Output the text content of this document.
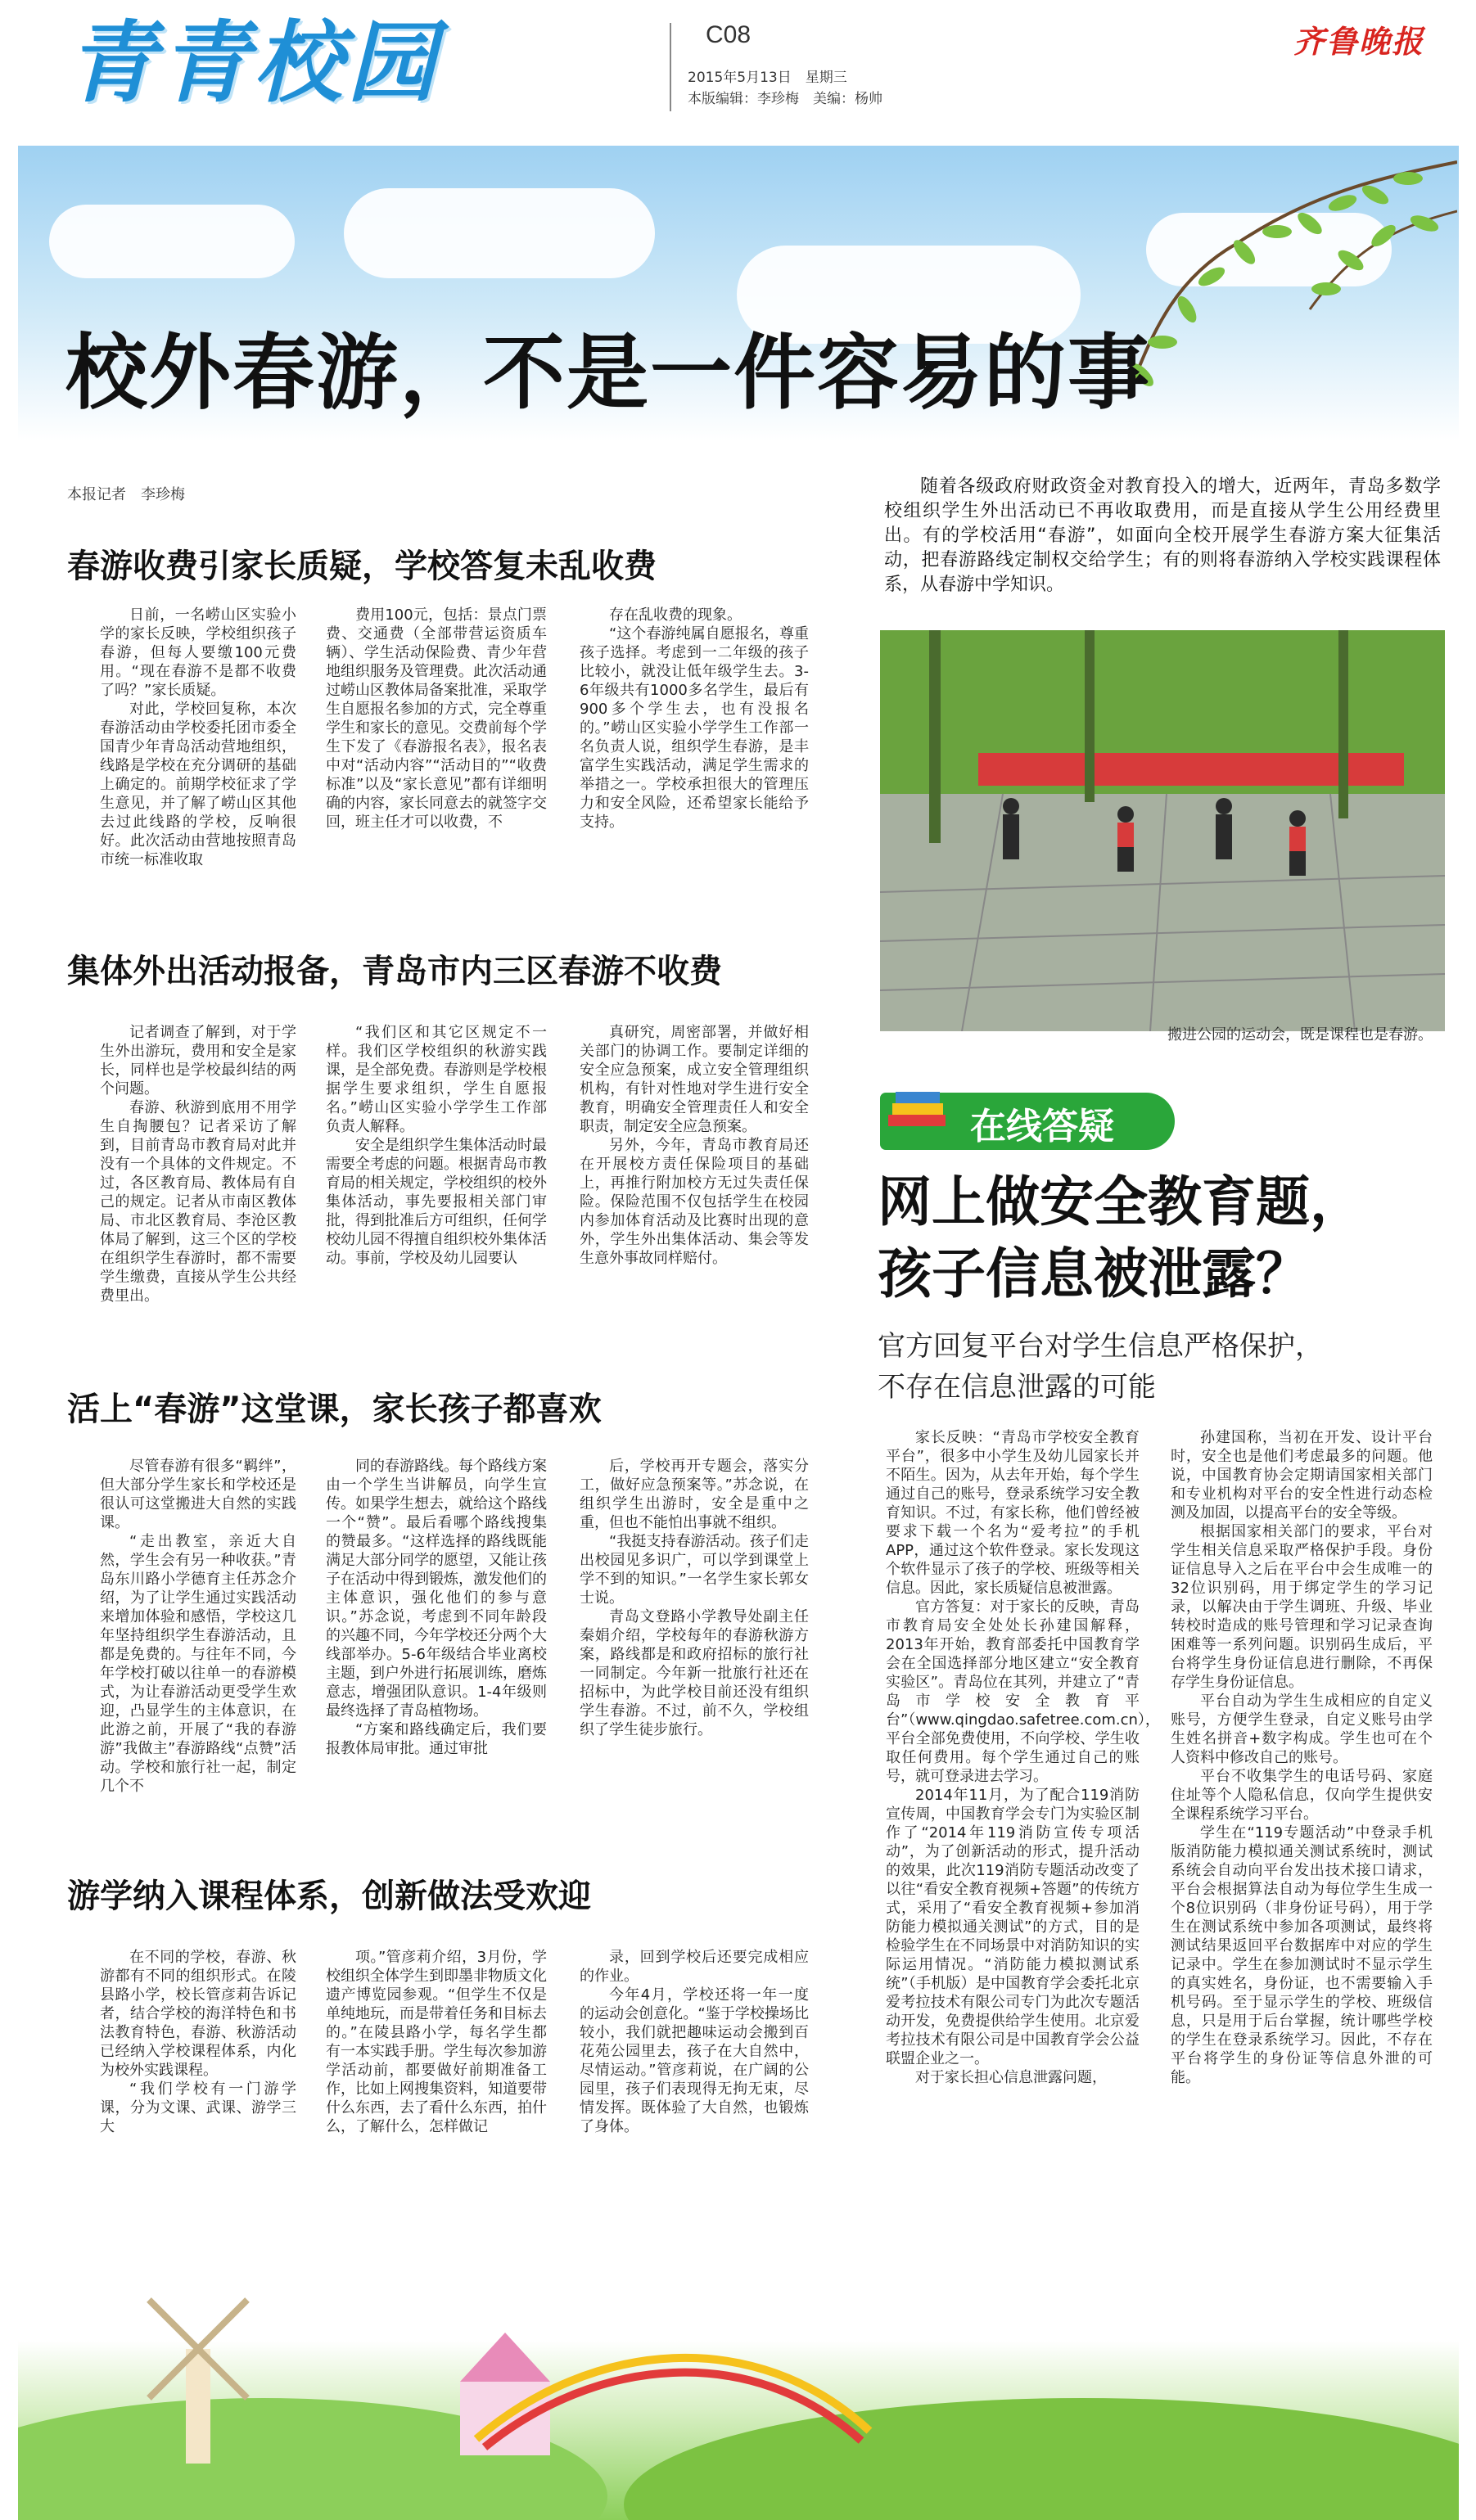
青青校园	C08
2015年5月13日　星期三
本版编辑：李珍梅　美编：杨帅
齐鲁晚报
校外春游，不是一件容易的事
本报记者　李珍梅	随着各级政府财政资金对教育投入的增大，近两年，青岛多数学校组织学生外出活动已不再收取费用，而是直接从学生公用经费里出。有的学校活用“春游”，如面向全校开展学生春游方案大征集活动，把春游路线定制权交给学生；有的则将春游纳入学校实践课程体系，从春游中学知识。

春游收费引家长质疑，学校答复未乱收费

日前，一名崂山区实验小学的家长反映，学校组织孩子春游，但每人要缴100元费用。“现在春游不是都不收费了吗？”家长质疑。

对此，学校回复称，本次春游活动由学校委托团市委全国青少年青岛活动营地组织，线路是学校在充分调研的基础上确定的。前期学校征求了学生意见，并了解了崂山区其他去过此线路的学校，反响很好。此次活动由营地按照青岛市统一标准收取

费用100元，包括：景点门票费、交通费（全部带营运资质车辆）、学生活动保险费、青少年营地组织服务及管理费。此次活动通过崂山区教体局备案批准，采取学生自愿报名参加的方式，完全尊重学生和家长的意见。交费前每个学生下发了《春游报名表》，报名表中对“活动内容”“活动目的”“收费标准”以及“家长意见”都有详细明确的内容，家长同意去的就签字交回，班主任才可以收费，不

存在乱收费的现象。

“这个春游纯属自愿报名，尊重孩子选择。考虑到一二年级的孩子比较小，就没让低年级学生去。3-6年级共有1000多名学生，最后有900多个学生去，也有没报名的。”崂山区实验小学学生工作部一名负责人说，组织学生春游，是丰富学生实践活动，满足学生需求的举措之一。学校承担很大的管理压力和安全风险，还希望家长能给予支持。

集体外出活动报备，青岛市内三区春游不收费

记者调查了解到，对于学生外出游玩，费用和安全是家长，同样也是学校最纠结的两个问题。

春游、秋游到底用不用学生自掏腰包？记者采访了解到，目前青岛市教育局对此并没有一个具体的文件规定。不过，各区教育局、教体局有自己的规定。记者从市南区教体局、市北区教育局、李沧区教体局了解到，这三个区的学校在组织学生春游时，都不需要学生缴费，直接从学生公共经费里出。

“我们区和其它区规定不一样。我们区学校组织的秋游实践课，是全部免费。春游则是学校根据学生要求组织，学生自愿报名。”崂山区实验小学学生工作部负责人解释。

安全是组织学生集体活动时最需要全考虑的问题。根据青岛市教育局的相关规定，学校组织的校外集体活动，事先要报相关部门审批，得到批准后方可组织，任何学校幼儿园不得擅自组织校外集体活动。事前，学校及幼儿园要认

真研究，周密部署，并做好相关部门的协调工作。要制定详细的安全应急预案，成立安全管理组织机构，有针对性地对学生进行安全教育，明确安全管理责任人和安全职责，制定安全应急预案。

另外，今年，青岛市教育局还在开展校方责任保险项目的基础上，再推行附加校方无过失责任保险。保险范围不仅包括学生在校园内参加体育活动及比赛时出现的意外，学生外出集体活动、集会等发生意外事故同样赔付。

活上“春游”这堂课，家长孩子都喜欢

尽管春游有很多“羁绊”，但大部分学生家长和学校还是很认可这堂搬进大自然的实践课。

“走出教室，亲近大自然，学生会有另一种收获。”青岛东川路小学德育主任苏念介绍，为了让学生通过实践活动来增加体验和感悟，学校这几年坚持组织学生春游活动，且都是免费的。与往年不同，今年学校打破以往单一的春游模式，为让春游活动更受学生欢迎，凸显学生的主体意识，在此游之前，开展了“我的春游　游”我做主”春游路线“点赞”活动。学校和旅行社一起，制定几个不

同的春游路线。每个路线方案由一个学生当讲解员，向学生宣传。如果学生想去，就给这个路线一个“赞”。最后看哪个路线搜集的赞最多。“这样选择的路线既能满足大部分同学的愿望，又能让孩子在活动中得到锻炼，激发他们的主体意识，强化他们的参与意识。”苏念说，考虑到不同年龄段的兴趣不同，今年学校还分两个大线部举办。5-6年级结合毕业离校主题，到户外进行拓展训练，磨炼意志，增强团队意识。1-4年级则最终选择了青岛植物场。

“方案和路线确定后，我们要报教体局审批。通过审批

后，学校再开专题会，落实分工，做好应急预案等。”苏念说，在组织学生出游时，安全是重中之重，但也不能怕出事就不组织。

“我挺支持春游活动。孩子们走出校园见多识广，可以学到课堂上学不到的知识。”一名学生家长郭女士说。

青岛文登路小学教导处副主任秦娟介绍，学校每年的春游秋游方案，路线都是和政府招标的旅行社一同制定。今年新一批旅行社还在招标中，为此学校目前还没有组织学生春游。不过，前不久，学校组织了学生徒步旅行。

游学纳入课程体系，创新做法受欢迎

在不同的学校，春游、秋游都有不同的组织形式。在陵县路小学，校长管彦莉告诉记者，结合学校的海洋特色和书法教育特色，春游、秋游活动已经纳入学校课程体系，内化为校外实践课程。

“我们学校有一门游学课，分为文课、武课、游学三大

项。”管彦莉介绍，3月份，学校组织全体学生到即墨非物质文化遗产博览园参观。“但学生不仅是单纯地玩，而是带着任务和目标去的。”在陵县路小学，每名学生都有一本实践手册。学生每次参加游学活动前，都要做好前期准备工作，比如上网搜集资料，知道要带什么东西，去了看什么东西，拍什么，了解什么，怎样做记

录，回到学校后还要完成相应的作业。

今年4月，学校还将一年一度的运动会创意化。“鉴于学校操场比较小，我们就把趣味运动会搬到百花苑公园里去，孩子在大自然中，尽情运动。”管彦莉说，在广阔的公园里，孩子们表现得无拘无束，尽情发挥。既体验了大自然，也锻炼了身体。

搬进公园的运动会，既是课程也是春游。
在线答疑
网上做安全教育题，
孩子信息被泄露？
官方回复平台对学生信息严格保护，
不存在信息泄露的可能

家长反映：“青岛市学校安全教育平台”，很多中小学生及幼儿园家长并不陌生。因为，从去年开始，每个学生通过自己的账号，登录系统学习安全教育知识。不过，有家长称，他们曾经被要求下载一个名为“爱考拉”的手机APP，通过这个软件登录。家长发现这个软件显示了孩子的学校、班级等相关信息。因此，家长质疑信息被泄露。

官方答复：对于家长的反映，青岛市教育局安全处处长孙建国解释，2013年开始，教育部委托中国教育学会在全国选择部分地区建立“安全教育实验区”。青岛位在其列，并建立了“青岛市学校安全教育平台”（www.qingdao.safetree.com.cn），平台全部免费使用，不向学校、学生收取任何费用。每个学生通过自己的账号，就可登录进去学习。

2014年11月，为了配合119消防宣传周，中国教育学会专门为实验区制作了“2014年119消防宣传专项活动”，为了创新活动的形式，提升活动的效果，此次119消防专题活动改变了以往“看安全教育视频+答题”的传统方式，采用了“看安全教育视频+参加消防能力模拟通关测试”的方式，目的是检验学生在不同场景中对消防知识的实际运用情况。“消防能力模拟测试系统”（手机版）是中国教育学会委托北京爱考拉技术有限公司专门为此次专题活动开发，免费提供给学生使用。北京爱考拉技术有限公司是中国教育学会公益联盟企业之一。

对于家长担心信息泄露问题，

孙建国称，当初在开发、设计平台时，安全也是他们考虑最多的问题。他说，中国教育协会定期请国家相关部门和专业机构对平台的安全性进行动态检测及加固，以提高平台的安全等级。

根据国家相关部门的要求，平台对学生相关信息采取严格保护手段。身份证信息导入之后在平台中会生成唯一的32位识别码，用于绑定学生的学习记录，以解决由于学生调班、升级、毕业转校时造成的账号管理和学习记录查询困难等一系列问题。识别码生成后，平台将学生身份证信息进行删除，不再保存学生身份证信息。

平台自动为学生生成相应的自定义账号，方便学生登录，自定义账号由学生姓名拼音+数字构成。学生也可在个人资料中修改自己的账号。

平台不收集学生的电话号码、家庭住址等个人隐私信息，仅向学生提供安全课程系统学习平台。

学生在“119专题活动”中登录手机版消防能力模拟通关测试系统时，测试系统会自动向平台发出技术接口请求，平台会根据算法自动为每位学生生成一个8位识别码（非身份证号码），用于学生在测试系统中参加各项测试，最终将测试结果返回平台数据库中对应的学生记录中。学生在参加测试时不显示学生的真实姓名，身份证，也不需要输入手机号码。至于显示学生的学校、班级信息，只是用于后台掌握，统计哪些学校的学生在登录系统学习。因此，不存在平台将学生的身份证等信息外泄的可能。
